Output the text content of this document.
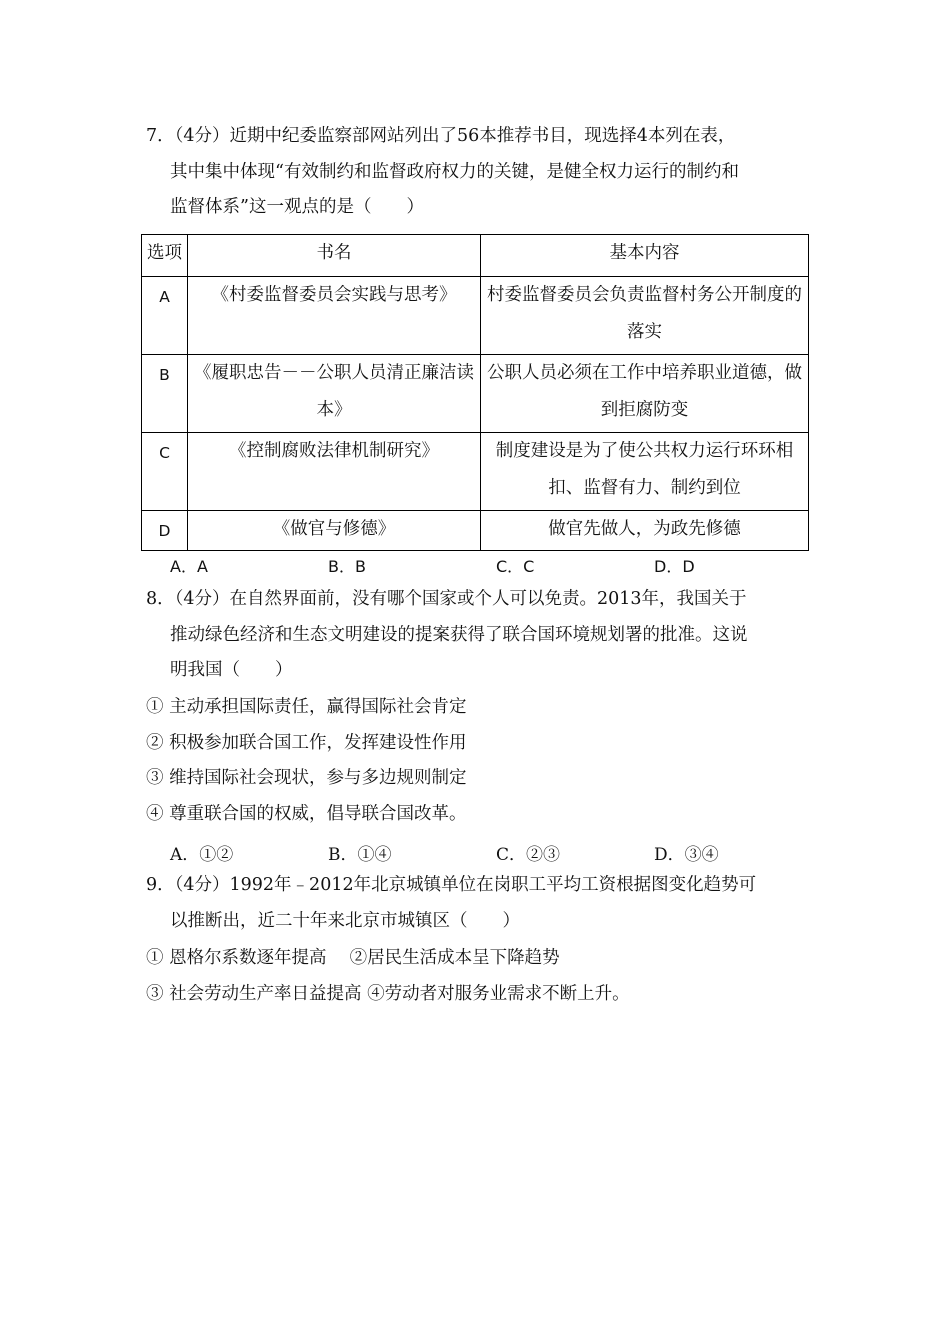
7．（4分）近期中纪委监察部网站列出了56本推荐书目，现选择4本列在表，
其中集中体现“有效制约和监督政府权力的关键，是健全权力运行的制约和
监督体系”这一观点的是（　　）
选项	书名	基本内容
A	《村委监督委员会实践与思考》	村委监督委员会负责监督村务公开制度的落实
B	《履职忠告－－公职人员清正廉洁读本》	公职人员必须在工作中培养职业道德，做到拒腐防变
C	《控制腐败法律机制研究》	制度建设是为了使公共权力运行环环相扣、监督有力、制约到位
D	《做官与修德》	做官先做人，为政先修德
A．A	B．B	C．C	D．D
8．（4分）在自然界面前，没有哪个国家或个人可以免责。2013年，我国关于
推动绿色经济和生态文明建设的提案获得了联合国环境规划署的批准。这说
明我国（　　）
① 主动承担国际责任，赢得国际社会肯定
② 积极参加联合国工作，发挥建设性作用
③ 维持国际社会现状，参与多边规则制定
④ 尊重联合国的权威，倡导联合国改革。
A．①②	B．①④	C．②③	D．③④
9．（4分）1992年﹣2012年北京城镇单位在岗职工平均工资根据图变化趋势可
以推断出，近二十年来北京市城镇区（　　）
① 恩格尔系数逐年提高　 ②居民生活成本呈下降趋势
③ 社会劳动生产率日益提高 ④劳动者对服务业需求不断上升。
